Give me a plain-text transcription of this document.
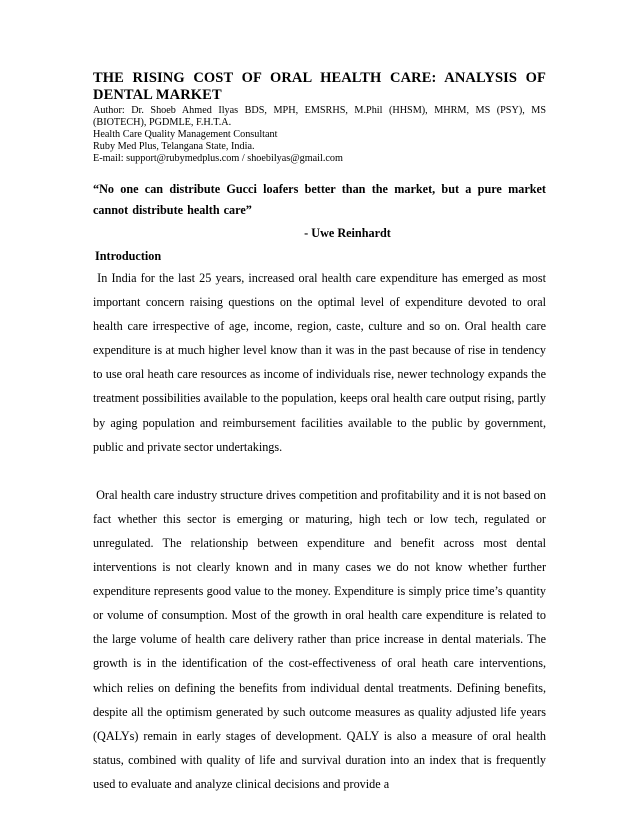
THE RISING COST OF ORAL HEALTH CARE: ANALYSIS OF DENTAL MARKET
Author: Dr. Shoeb Ahmed Ilyas BDS, MPH, EMSRHS, M.Phil (HHSM), MHRM, MS (PSY), MS (BIOTECH), PGDMLE, F.H.T.A.
Health Care Quality Management Consultant
Ruby Med Plus, Telangana State, India.
E-mail: support@rubymedplus.com / shoebilyas@gmail.com
“No one can distribute Gucci loafers better than the market, but a pure market cannot distribute health care”
- Uwe Reinhardt
Introduction

In India for the last 25 years, increased oral health care expenditure has emerged as most important concern raising questions on the optimal level of expenditure devoted to oral health care irrespective of age, income, region, caste, culture and so on. Oral health care expenditure is at much higher level know than it was in the past because of rise in tendency to use oral heath care resources as income of individuals rise, newer technology expands the treatment possibilities available to the population, keeps oral health care output rising, partly by aging population and reimbursement facilities available to the public by government, public and private sector undertakings.

Oral health care industry structure drives competition and profitability and it is not based on fact whether this sector is emerging or maturing, high tech or low tech, regulated or unregulated. The relationship between expenditure and benefit across most dental interventions is not clearly known and in many cases we do not know whether further expenditure represents good value to the money. Expenditure is simply price time’s quantity or volume of consumption. Most of the growth in oral health care expenditure is related to the large volume of health care delivery rather than price increase in dental materials. The growth is in the identification of the cost-effectiveness of oral heath care interventions, which relies on defining the benefits from individual dental treatments. Defining benefits, despite all the optimism generated by such outcome measures as quality adjusted life years (QALYs) remain in early stages of development. QALY is also a measure of oral health status, combined with quality of life and survival duration into an index that is frequently used to evaluate and analyze clinical decisions and provide a
